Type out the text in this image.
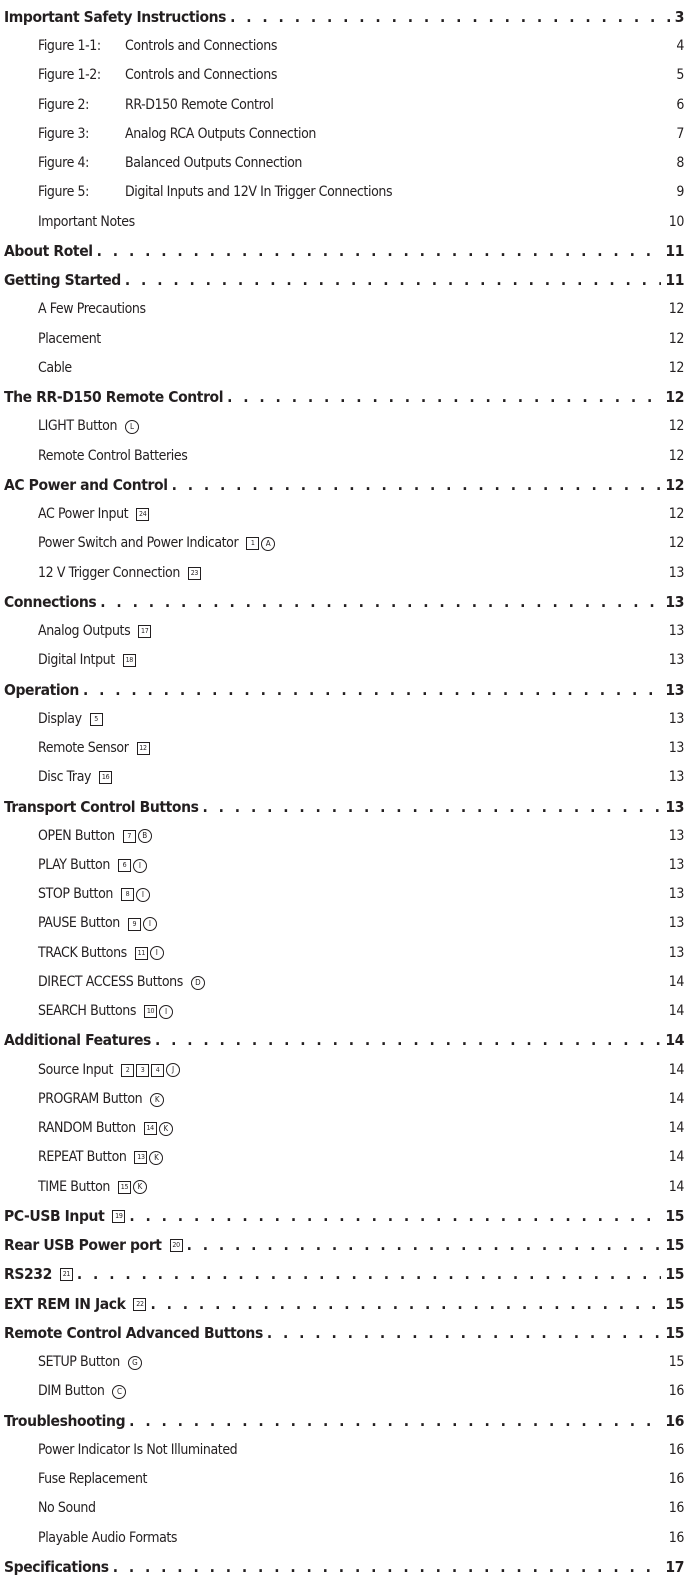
Important Safety Instructions . . .	3
Figure 1-1:	Controls and Connections	4
Figure 1-2:	Controls and Connections	5
Figure 2:	RR-D150 Remote Control	6
Figure 3:	Analog RCA Outputs Connection	7
Figure 4:	Balanced Outputs Connection	8
Figure 5:	Digital Inputs and 12V In Trigger Connections	9
Important Notes	10
About Rotel . . .	11
Getting Started . . .	11
A Few Precautions	12
Placement	12
Cable	12
The RR-D150 Remote Control . . .	12
LIGHT Button	L	12
Remote Control Batteries	12
AC Power and Control . . .	12
AC Power Input	24	12
Power Switch and Power Indicator	1	A	12
12 V Trigger Connection	23	13
Connections . . .	13
Analog Outputs	17	13
Digital Intput	18	13
Operation . . .	13
Display	5	13
Remote Sensor	12	13
Disc Tray	16	13
Transport Control Buttons . . .	13
OPEN Button	7	B	13
PLAY Button	6	I	13
STOP Button	8	I	13
PAUSE Button	9	I	13
TRACK Buttons	11	I	13
DIRECT ACCESS Buttons	D	14
SEARCH Buttons	10	I	14
Additional Features . . .	14
Source Input	2	3	4	J	14
PROGRAM Button	K	14
RANDOM Button	14	K	14
REPEAT Button	13	K	14
TIME Button	15	K	14
PC-USB Input	19 . . .	15
Rear USB Power port	20 . . .	15
RS232	21 . . .	15
EXT REM IN Jack	22 . . .	15
Remote Control Advanced Buttons . . .	15
SETUP Button	G	15
DIM Button	C	16
Troubleshooting . . .	16
Power Indicator Is Not Illuminated	16
Fuse Replacement	16
No Sound	16
Playable Audio Formats	16
Specifications . . .	17
